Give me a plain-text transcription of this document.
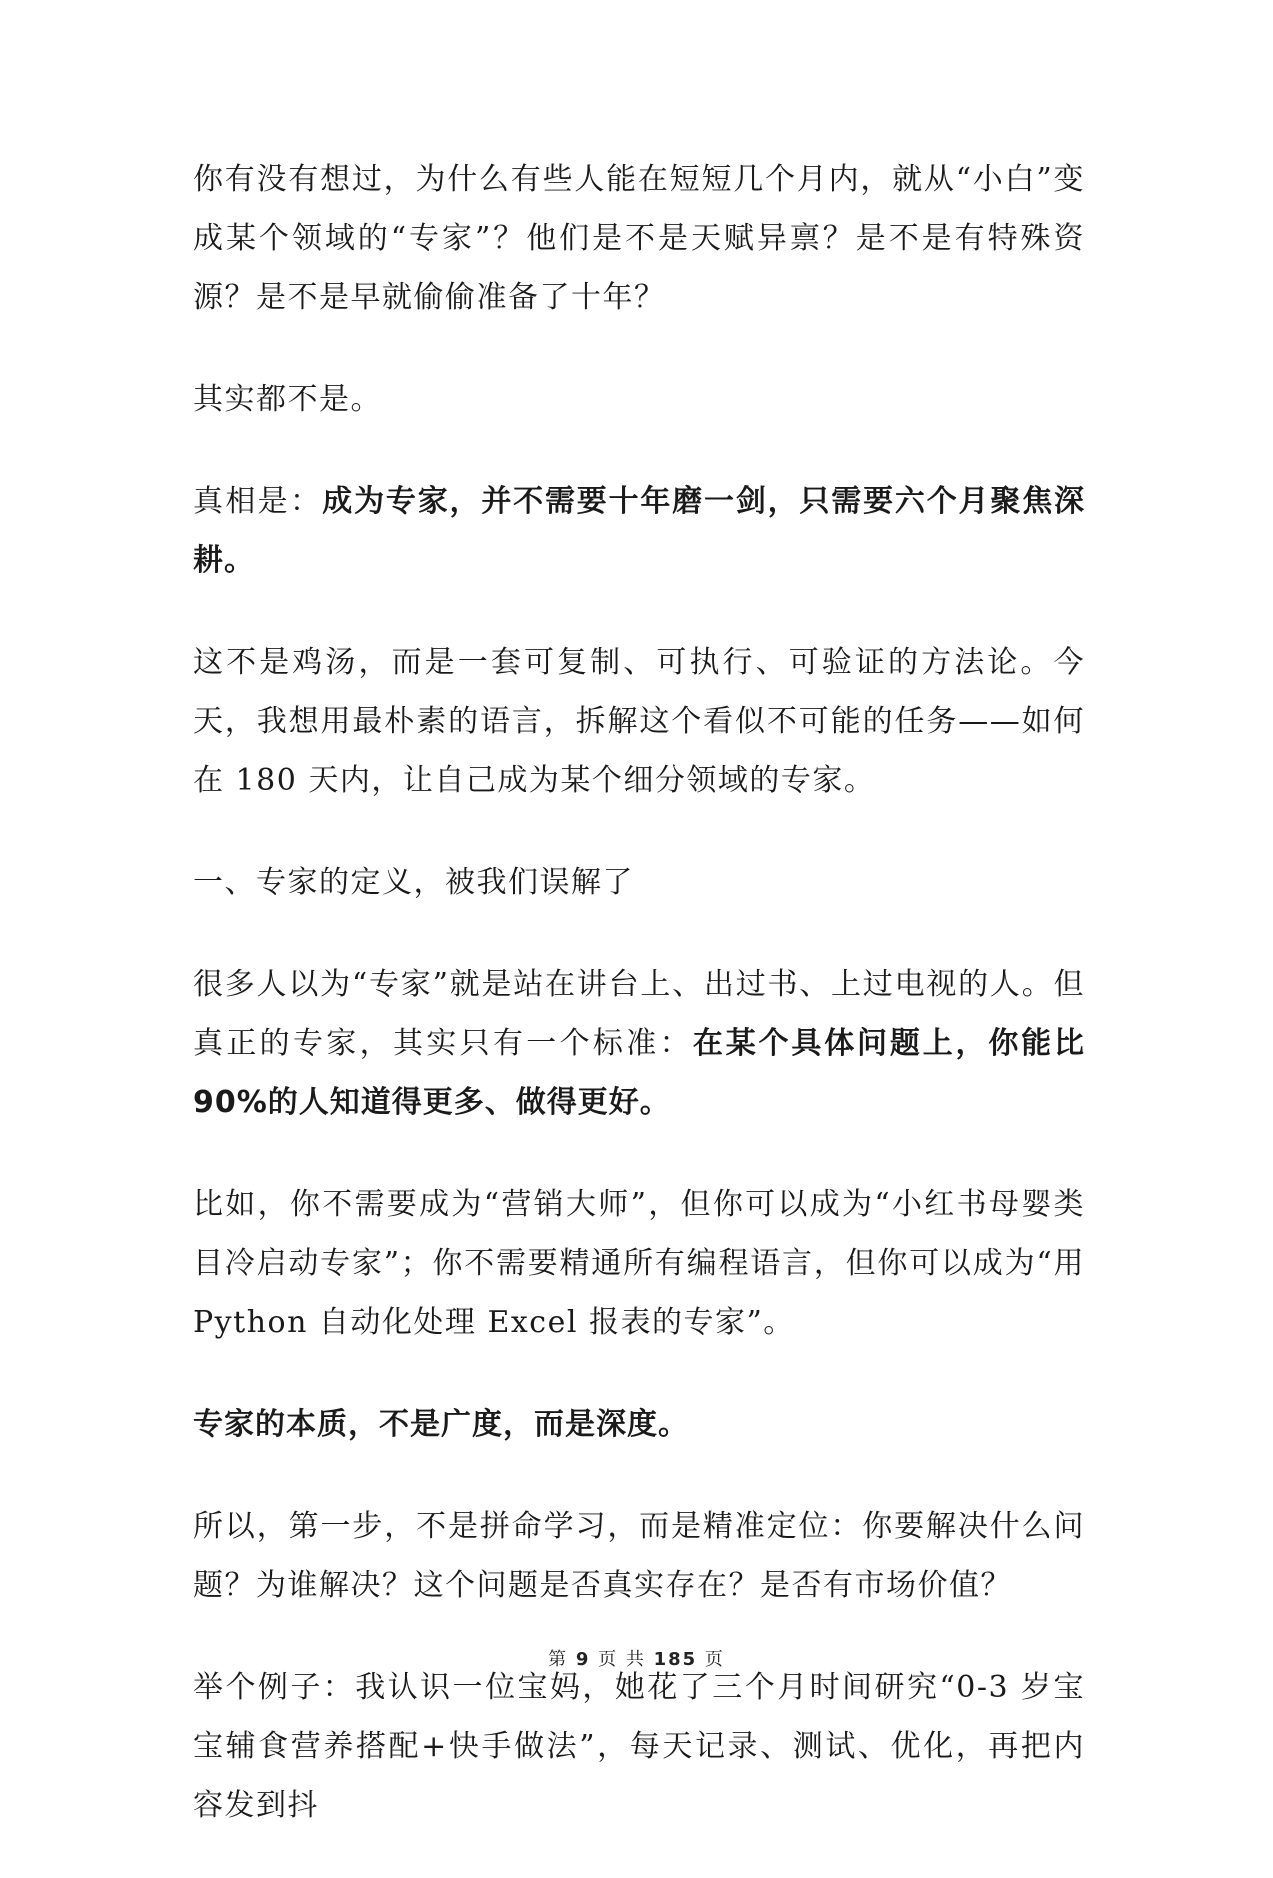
你有没有想过，为什么有些人能在短短几个月内，就从“小白”变成某个领域的“专家”？他们是不是天赋异禀？是不是有特殊资源？是不是早就偷偷准备了十年？

其实都不是。

真相是：成为专家，并不需要十年磨一剑，只需要六个月聚焦深耕。

这不是鸡汤，而是一套可复制、可执行、可验证的方法论。今天，我想用最朴素的语言，拆解这个看似不可能的任务——如何在 180 天内，让自己成为某个细分领域的专家。

一、专家的定义，被我们误解了

很多人以为“专家”就是站在讲台上、出过书、上过电视的人。但真正的专家，其实只有一个标准：在某个具体问题上，你能比 90%的人知道得更多、做得更好。

比如，你不需要成为“营销大师”，但你可以成为“小红书母婴类目冷启动专家”；你不需要精通所有编程语言，但你可以成为“用 Python 自动化处理 Excel 报表的专家”。

专家的本质，不是广度，而是深度。

所以，第一步，不是拼命学习，而是精准定位：你要解决什么问题？为谁解决？这个问题是否真实存在？是否有市场价值？

举个例子：我认识一位宝妈，她花了三个月时间研究“0-3 岁宝宝辅食营养搭配+快手做法”，每天记录、测试、优化，再把内容发到抖

第 9 页 共 185 页
